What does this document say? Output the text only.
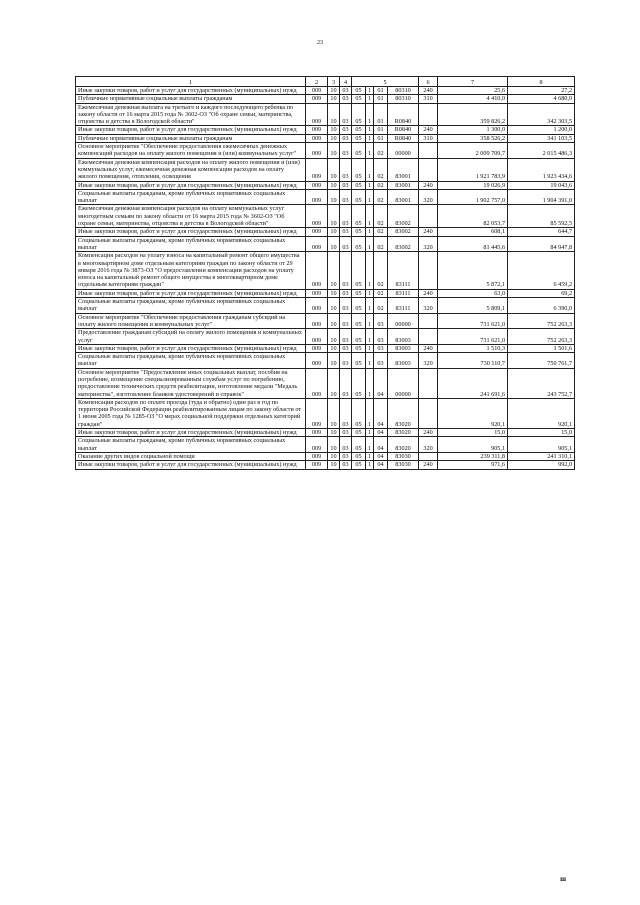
23
1	2	3	4	5				6	7	8
Иные закупки товаров, работ и услуг для государственных (муниципальных) нужд	009	10	03	05	1	01	80310	240	25,6	27,2
Публичные нормативные социальные выплаты гражданам	009	10	03	05	1	01	80310	310	4 410,0	4 680,0
Ежемесячная денежная выплата на третьего и каждого последующего ребенка по закону области от 16 марта 2015 года № 3602-ОЗ "Об охране семьи, материнства, отцовства и детства в Вологодской области"	009	10	03	05	1	01	R0840		359 826,2	342 303,5
Иные закупки товаров, работ и услуг для государственных (муниципальных) нужд	009	10	03	05	1	01	R0840	240	1 300,0	1 200,0
Публичные нормативные социальные выплаты гражданам	009	10	03	05	1	01	R0840	310	358 526,2	341 103,5
Основное мероприятие "Обеспечение предоставления ежемесячных денежных компенсаций расходов на оплату жилого помещения и (или) коммунальных услуг"	009	10	03	05	1	02	00000		2 009 709,7	2 015 486,3
Ежемесячная денежная компенсация расходов на оплату жилого помещения и (или) коммунальных услуг, ежемесячная денежная компенсация расходов на оплату жилого помещения, отопления, освещения	009	10	03	05	1	02	83001		1 921 783,9	1 923 434,6
Иные закупки товаров, работ и услуг для государственных (муниципальных) нужд	009	10	03	05	1	02	83001	240	19 026,9	19 043,6
Социальные выплаты гражданам, кроме публичных нормативных социальных выплат	009	10	03	05	1	02	83001	320	1 902 757,0	1 904 391,0
Ежемесячная денежная компенсация расходов на оплату коммунальных услуг многодетным семьям по закону области от 16 марта 2015 года № 3602-ОЗ "Об охране семьи, материнства, отцовства и детства в Вологодской области"	009	10	03	05	1	02	83002		82 053,7	85 592,5
Иные закупки товаров, работ и услуг для государственных (муниципальных) нужд	009	10	03	05	1	02	83002	240	608,1	644,7
Социальные выплаты гражданам, кроме публичных нормативных социальных выплат	009	10	03	05	1	02	83002	320	81 445,6	84 947,8
Компенсация расходов на уплату взноса на капитальный ремонт общего имущества в многоквартирном доме отдельным категориям граждан по закону области от 29 января 2016 года № 3873-ОЗ "О предоставлении компенсации расходов на уплату взноса на капитальный ремонт общего имущества в многоквартирном доме отдельным категориям граждан"	009	10	03	05	1	02	83111		5 872,1	6 459,2
Иные закупки товаров, работ и услуг для государственных (муниципальных) нужд	009	10	03	05	1	02	83111	240	63,0	69,2
Социальные выплаты гражданам, кроме публичных нормативных социальных выплат	009	10	03	05	1	02	83111	320	5 809,1	6 390,0
Основное мероприятие "Обеспечение предоставления гражданам субсидий на оплату жилого помещения и коммунальных услуг"	009	10	03	05	1	03	00000		731 621,0	752 263,3
Предоставление гражданам субсидий на оплату жилого помещения и коммунальных услуг	009	10	03	05	1	03	83003		731 621,0	752 263,3
Иные закупки товаров, работ и услуг для государственных (муниципальных) нужд	009	10	03	05	1	03	83003	240	1 510,3	1 501,6
Социальные выплаты гражданам, кроме публичных нормативных социальных выплат	009	10	03	05	1	03	83003	320	730 110,7	750 761,7
Основное мероприятие "Предоставление иных социальных выплат, пособия на погребение, возмещение специализированным службам услуг по погребению, предоставление технических средств реабилитации, изготовление медали "Медаль материнства", изготовление бланков удостоверений и справок"	009	10	03	05	1	04	00000		241 691,6	243 752,7
Компенсация расходов по оплате проезда (туда и обратно) один раз в год по территории Российской Федерации реабилитированным лицам по закону области от 1 июня 2005 года № 1285-ОЗ "О мерах социальной поддержки отдельных категорий граждан"	009	10	03	05	1	04	83020		920,1	920,1
Иные закупки товаров, работ и услуг для государственных (муниципальных) нужд	009	10	03	05	1	04	83020	240	15,0	15,0
Социальные выплаты гражданам, кроме публичных нормативных социальных выплат	009	10	03	05	1	04	83020	320	905,1	905,1
Оказание других видов социальной помощи	009	10	03	05	1	04	83030		239 311,8	241 310,1
Иные закупки товаров, работ и услуг для государственных (муниципальных) нужд	009	10	03	05	1	04	83030	240	971,6	992,0
ш
